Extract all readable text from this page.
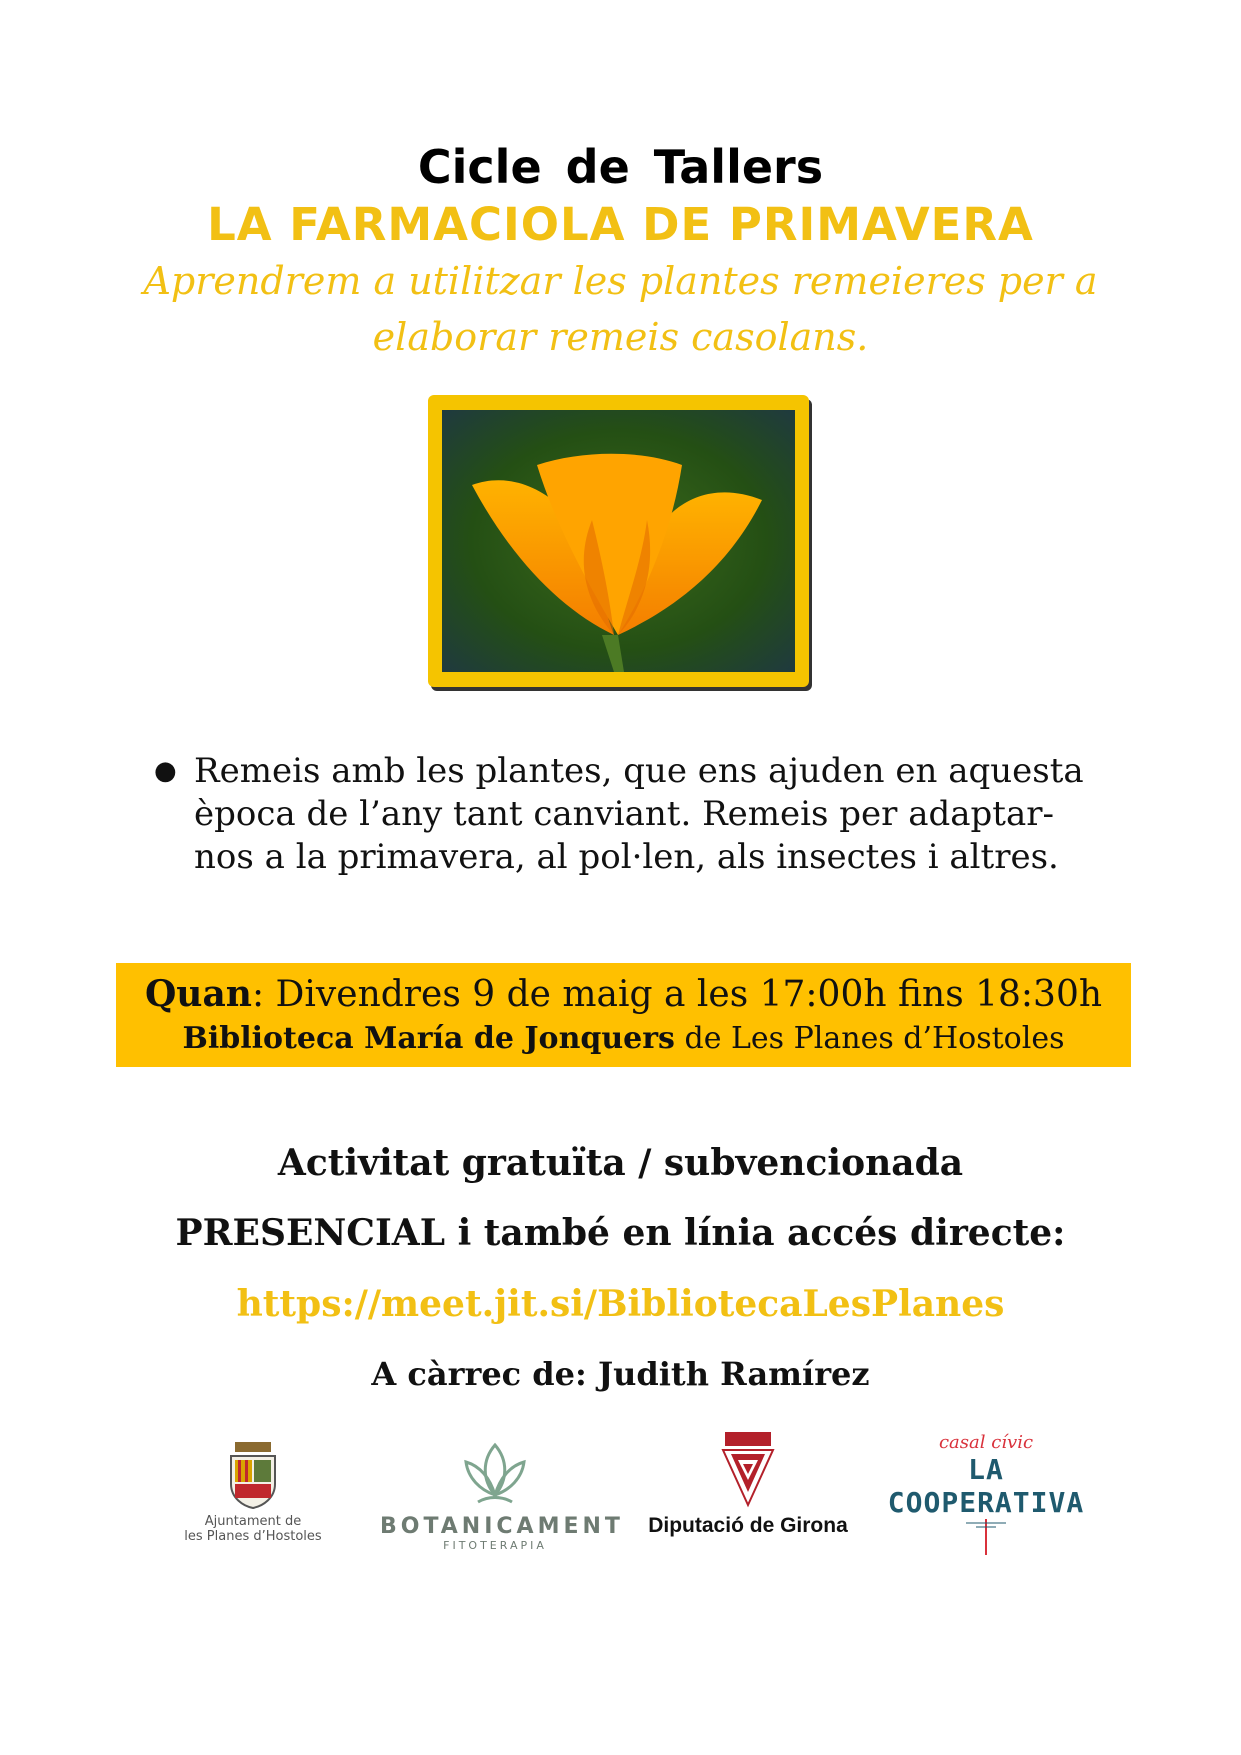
Cicle de Tallers
LA FARMACIOLA DE PRIMAVERA
Aprendrem a utilitzar les plantes remeieres per a
elaborar remeis casolans.
● Remeis amb les plantes, que ens ajuden en aquesta època de l’any tant canviant. Remeis per adaptar-nos a la primavera, al pol·len, als insectes i altres.
Quan: Divendres 9 de maig a les 17:00h fins 18:30h
Biblioteca María de Jonquers de Les Planes d’Hostoles
Activitat gratuïta / subvencionada
PRESENCIAL i també en línia accés directe:
https://meet.jit.si/BibliotecaLesPlanes
A càrrec de: Judith Ramírez
Ajuntament de
les Planes d’Hostoles	BOTANICAMENT
FITOTERAPIA
Diputació de Girona
casal cívic
LA COOPERATIVA
